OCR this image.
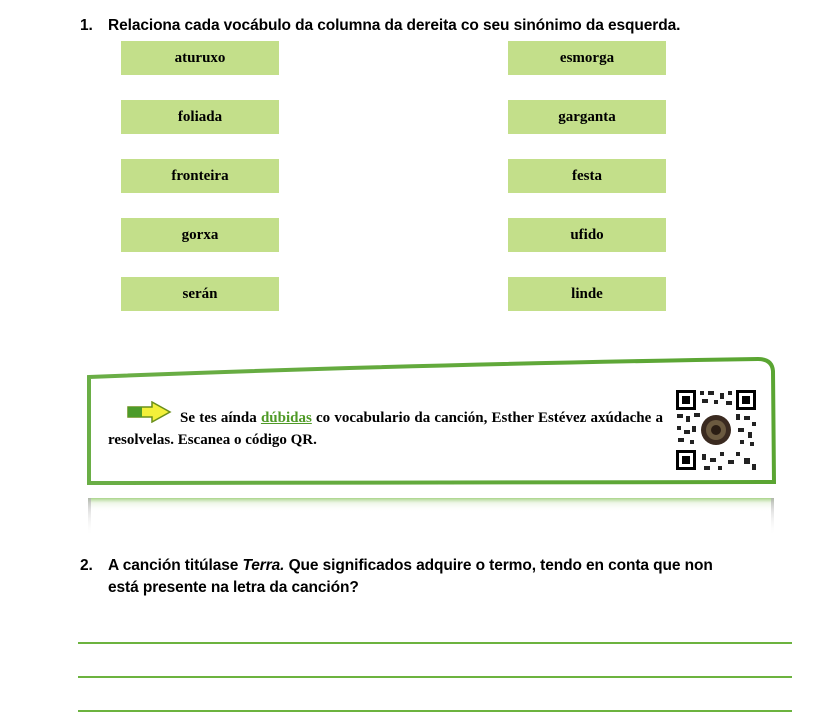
1. Relaciona cada vocábulo da columna da dereita co seu sinónimo da esquerda.
aturuxo
foliada
fronteira
gorxa
serán
esmorga
garganta
festa
ufido
linde
Se tes aínda dúbidas co vocabulario da canción, Esther Estévez axúdache a resolvelas. Escanea o código QR.
2. A canción titúlase Terra. Que significados adquire o termo, tendo en conta que non
está presente na letra da canción?
